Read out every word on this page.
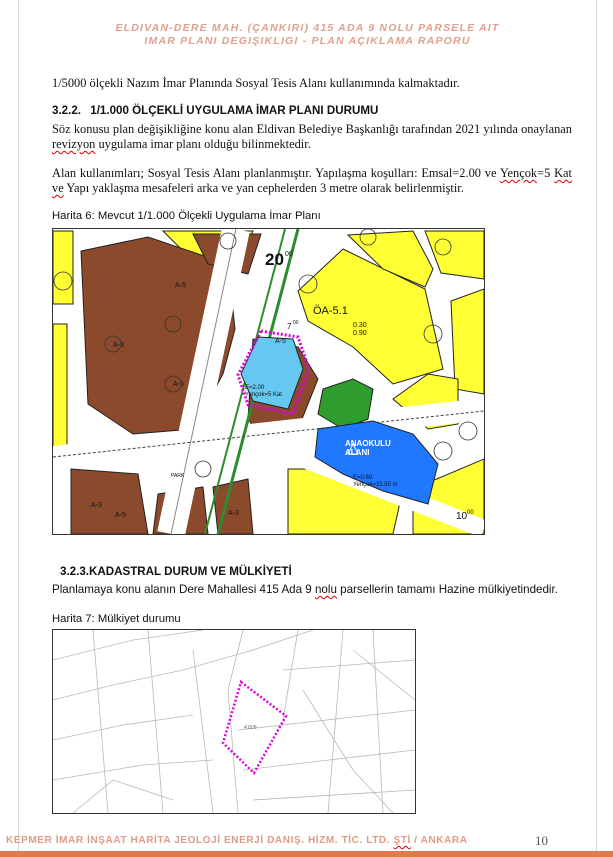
ELDIVAN-DERE MAH. (ÇANKIRI) 415 ADA 9 NOLU PARSELE AIT
IMAR PLANI DEGIŞIKLIGI - PLAN AÇIKLAMA RAPORU
1/5000 ölçekli Nazım İmar Planında Sosyal Tesis Alanı kullanımında kalmaktadır.
3.2.2. 1/1.000 ÖLÇEKLİ UYGULAMA İMAR PLANI DURUMU
Söz konusu plan değişikliğine konu alan Eldivan Belediye Başkanlığı tarafından 2021 yılında onaylanan revizyon uygulama imar planı olduğu bilinmektedir.
Alan kullanımları; Sosyal Tesis Alanı planlanmıştır. Yapılaşma koşulları: Emsal=2.00 ve Yençok=5 Kat ve Yapı yaklaşma mesafeleri arka ve yan cephelerden 3 metre olarak belirlenmiştir.
Harita 6: Mevcut 1/1.000 Ölçekli Uygulama İmar Planı
20 00
ÖA-5.1
0.30 0.90
A-5
A-3
A-5
A-5
A-3
A-5	A-3
E=2.00 Yençok=5 Kat
ANAOKULU ALANI
E=0.60 Yençok=15.50 m
PARK
10 00
7 00
3.2.3.KADASTRAL DURUM VE MÜLKİYETİ
Planlamaya konu alanın Dere Mahallesi 415 Ada 9 nolu parsellerin tamamı Hazine mülkiyetindedir.
Harita 7: Mülkiyet durumu
415/9
KEPMER İMAR İNŞAAT HARİTA JEOLOJİ ENERJİ DANIŞ. HİZM. TİC. LTD. ŞTİ / ANKARA	10
